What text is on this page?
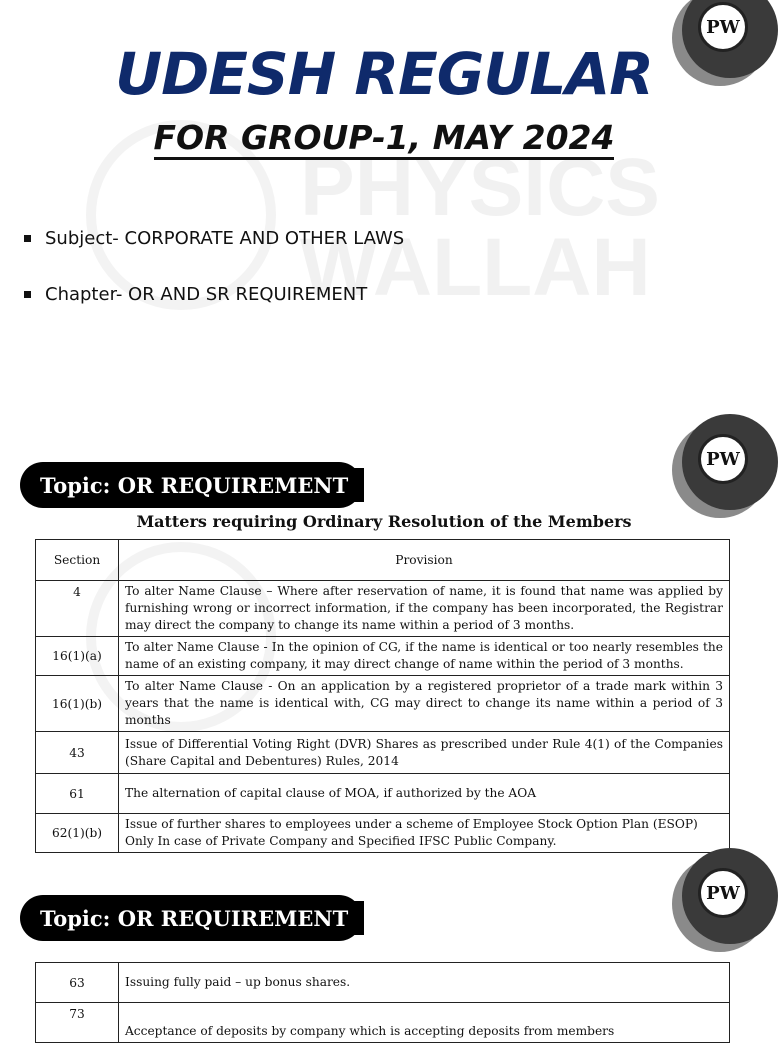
PHYSICS
WALLAH
PW
UDESH REGULAR
FOR GROUP-1, MAY 2024
Subject- CORPORATE AND OTHER LAWS
Chapter- OR AND SR REQUIREMENT
PW
Topic: OR REQUIREMENT
Matters requiring Ordinary Resolution of the Members
Section	Provision
4	To alter Name Clause – Where after reservation of name, it is found that name was applied by furnishing wrong or incorrect information, if the company has been incorporated, the Registrar may direct the company to change its name within a period of 3 months.
16(1)(a)	To alter Name Clause - In the opinion of CG, if the name is identical or too nearly resembles the name of an existing company, it may direct change of name within the period of 3 months.
16(1)(b)	To alter Name Clause - On an application by a registered proprietor of a trade mark within 3 years that the name is identical with, CG may direct to change its name within a period of 3 months
43	Issue of Differential Voting Right (DVR) Shares as prescribed under Rule 4(1) of the Companies (Share Capital and Debentures) Rules, 2014
61	The alternation of capital clause of MOA, if authorized by the AOA
62(1)(b)	Issue of further shares to employees under a scheme of Employee Stock Option Plan (ESOP)
Only In case of Private Company and Specified IFSC Public Company.
PW
Topic: OR REQUIREMENT
63	Issuing fully paid – up bonus shares.
73	Acceptance of deposits by company which is accepting deposits from members
